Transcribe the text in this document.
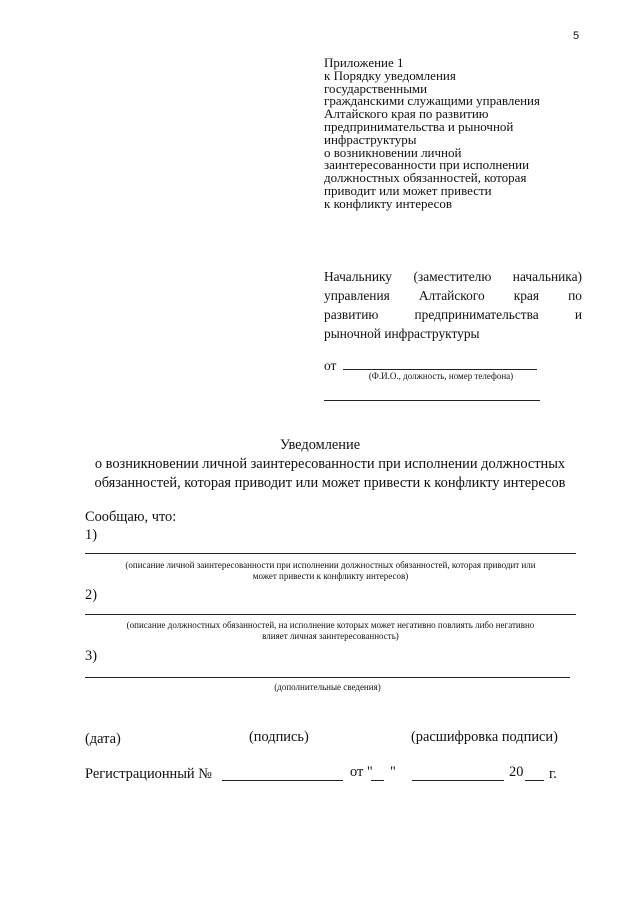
5
Приложение 1
к Порядку уведомления
государственными
гражданскими служащими управления
Алтайского края по развитию
предпринимательства и рыночной
инфраструктуры
о возникновении личной
заинтересованности при исполнении
должностных обязанностей, которая
приводит или может привести
к конфликту интересов
Начальнику (заместителю начальника)
управления Алтайского края по
развитию предпринимательства и
рыночной инфраструктуры
от
(Ф.И.О., должность, номер телефона)
Уведомление
о возникновении личной заинтересованности при исполнении должностных
обязанностей, которая приводит или может привести к конфликту интересов
Сообщаю, что:
1)
(описание личной заинтересованности при исполнении должностных обязанностей, которая приводит или
может привести к конфликту интересов)
2)
(описание должностных обязанностей, на исполнение которых может негативно повлиять либо негативно
влияет личная заинтересованность)
3)
(дополнительные сведения)
(дата)	(подпись)	(расшифровка подписи)
Регистрационный №	от " "	20 г.
